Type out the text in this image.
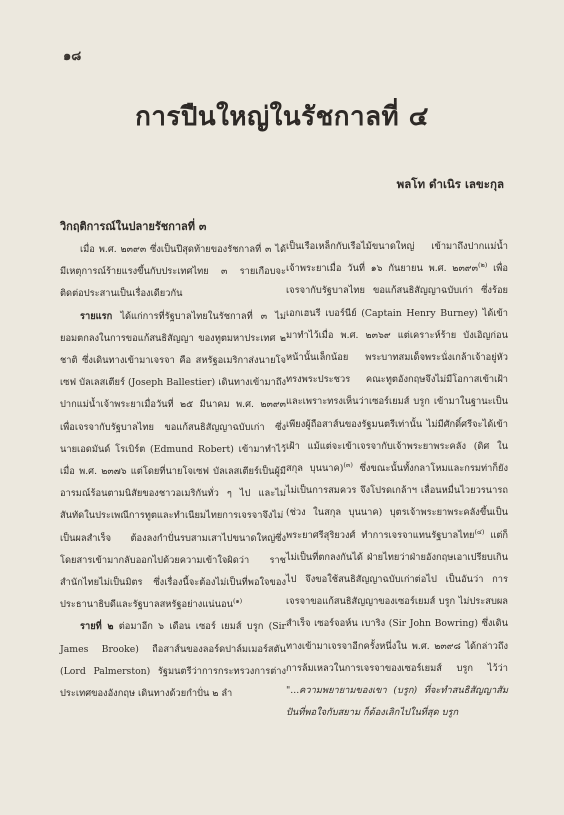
๑๘
การปืนใหญ่ในรัชกาลที่ ๔
พลโท ดำเนิร เลขะกุล
วิกฤติการณ์ในปลายรัชกาลที่ ๓

เมื่อ พ.ศ. ๒๓๙๓ ซึ่งเป็นปีสุดท้ายของรัชกาลที่ ๓ ได้มีเหตุการณ์ร้ายแรงขึ้นกับประเทศไทย ๓ รายเกือบจะติดต่อประสานเป็นเรื่องเดียวกัน

รายแรก ได้แก่การที่รัฐบาลไทยในรัชกาลที่ ๓ ไม่ยอมตกลงในการขอแก้สนธิสัญญา ของทูตมหาประเทศ ๒ ชาติ ซึ่งเดินทางเข้ามาเจรจา คือ สหรัฐอเมริกาส่งนายโจเซฟ บัลเลสเตียร์ (Joseph Ballestier) เดินทางเข้ามาถึงปากแม่น้ำเจ้าพระยาเมื่อวันที่ ๒๕ มีนาคม พ.ศ. ๒๓๙๓ เพื่อเจรจากับรัฐบาลไทย ขอแก้สนธิสัญญาฉบับเก่า ซึ่งนายเอดมันด์ โรเบิร์ต (Edmund Robert) เข้ามาทำไว้เมื่อ พ.ศ. ๒๓๗๖ แต่โดยที่นายโจเซฟ บัลเลสเตียร์เป็นผู้มีอารมณ์ร้อนตามนิสัยของชาวอเมริกันทั่ว ๆ ไป และไม่สันทัดในประเพณีการทูตและทำเนียมไทยการเจรจาจึงไม่เป็นผลสำเร็จ ต้องลงกำปั่นรบสามเสาไปขนาดใหญ่ซึ่งโดยสารเข้ามากลับออกไปด้วยความเข้าใจผิดว่า ราชสำนักไทยไม่เป็นมิตร ซึ่งเรื่องนี้จะต้องไม่เป็นที่พอใจของประธานาธิบดีและรัฐบาลสหรัฐอย่างแน่นอน$^{(๑)}$

รายที่ ๒ ต่อมาอีก ๖ เดือน เซอร์ เยมส์ บรูก (Sir James Brooke) ถือสาส์นของลอร์ดปาล์มเมอร์สตัน (Lord Palmerston) รัฐมนตรีว่าการกระทรวงการต่างประเทศของอังกฤษ เดินทางด้วยกำปั่น ๒ ลำ

เป็นเรือเหล็กกับเรือไม้ขนาดใหญ่ เข้ามาถึงปากแม่น้ำเจ้าพระยาเมื่อ วันที่ ๑๖ กันยายน พ.ศ. ๒๓๙๓$^{(๒)}$ เพื่อเจรจากับรัฐบาลไทย ขอแก้สนธิสัญญาฉบับเก่า ซึ่งร้อยเอกเฮนรี เบอร์นีย์ (Captain Henry Burney) ได้เข้ามาทำไว้เมื่อ พ.ศ. ๒๓๖๙ แต่เคราะห์ร้าย บังเอิญก่อนหน้านั้นเล็กน้อย พระบาทสมเด็จพระนั่งเกล้าเจ้าอยู่หัวทรงพระประชวร คณะทูตอังกฤษจึงไม่มีโอกาสเข้าเฝ้า และเพราะทรงเห็นว่าเซอร์เยมส์ บรูก เข้ามาในฐานะเป็นเพียงผู้ถือสาส์นของรัฐมนตรีเท่านั้น ไม่มีศักดิ์ศรีจะได้เข้าเฝ้า แม้แต่จะเข้าเจรจากับเจ้าพระยาพระคลัง (ดิศ ในสกุล บุนนาค)$^{(๓)}$ ซึ่งขณะนั้นทั้งกลาโหมและกรมท่าก็ยังไม่เป็นการสมควร จึงโปรดเกล้าฯ เลื่อนหมื่นไวยวรนารถ (ช่วง ในสกุล บุนนาค) บุตรเจ้าพระยาพระคลังขึ้นเป็นพระยาศรีสุริยวงศ์ ทำการเจรจาแทนรัฐบาลไทย$^{(๔)}$ แต่ก็ไม่เป็นที่ตกลงกันได้ ฝ่ายไทยว่าฝ่ายอังกฤษเอาเปรียบเกินไป จึงขอใช้สนธิสัญญาฉบับเก่าต่อไป เป็นอันว่า การเจรจาขอแก้สนธิสัญญาของเซอร์เยมส์ บรูก ไม่ประสบผลสำเร็จ เซอร์จอห์น เบาริง (Sir John Bowring) ซึ่งเดินทางเข้ามาเจรจาอีกครั้งหนึ่งใน พ.ศ. ๒๓๙๘ ได้กล่าวถึงการล้มเหลวในการเจรจาของเซอร์เยมส์ บรูก ไว้ว่า "...ความพยายามของเขา (บรูก) ที่จะทำสนธิสัญญาสัมปันที่พอใจกับสยาม ก็ต้องเลิกไปในที่สุด บรูก
